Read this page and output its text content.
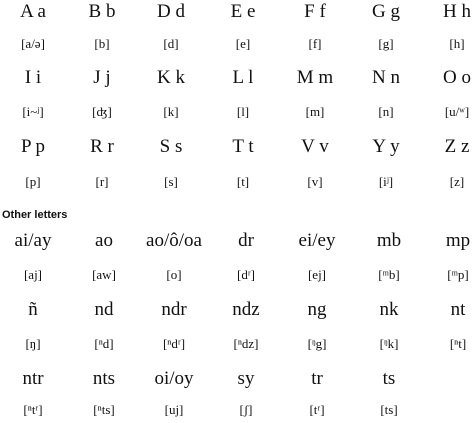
A a	B b	D d	E e	F f	G g	H h
[a/ə]	[b]	[d]	[e]	[f]	[g]	[h]
I i	J j	K k	L l	M m	N n	O o
[i~ʲ]	[ʤ]	[k]	[l]	[m]	[n]	[u/ʷ]
P p	R r	S s	T t	V v	Y y	Z z
[p]	[r]	[s]	[t]	[v]	[iʲ]	[z]
Other letters
ai/ay	ao	ao/ô/oa	dr	ei/ey	mb	mp
[aj]	[aw]	[o]	[dʳ]	[ej]	[ᵐb]	[ᵐp]
ñ	nd	ndr	ndz	ng	nk	nt
[ŋ]	[ⁿd]	[ⁿdʳ]	[ⁿdz]	[ᵑg]	[ᵑk]	[ⁿt]
ntr	nts	oi/oy	sy	tr	ts
[ⁿtʳ]	[ⁿts]	[uj]	[ʃ]	[tʳ]	[ts]
